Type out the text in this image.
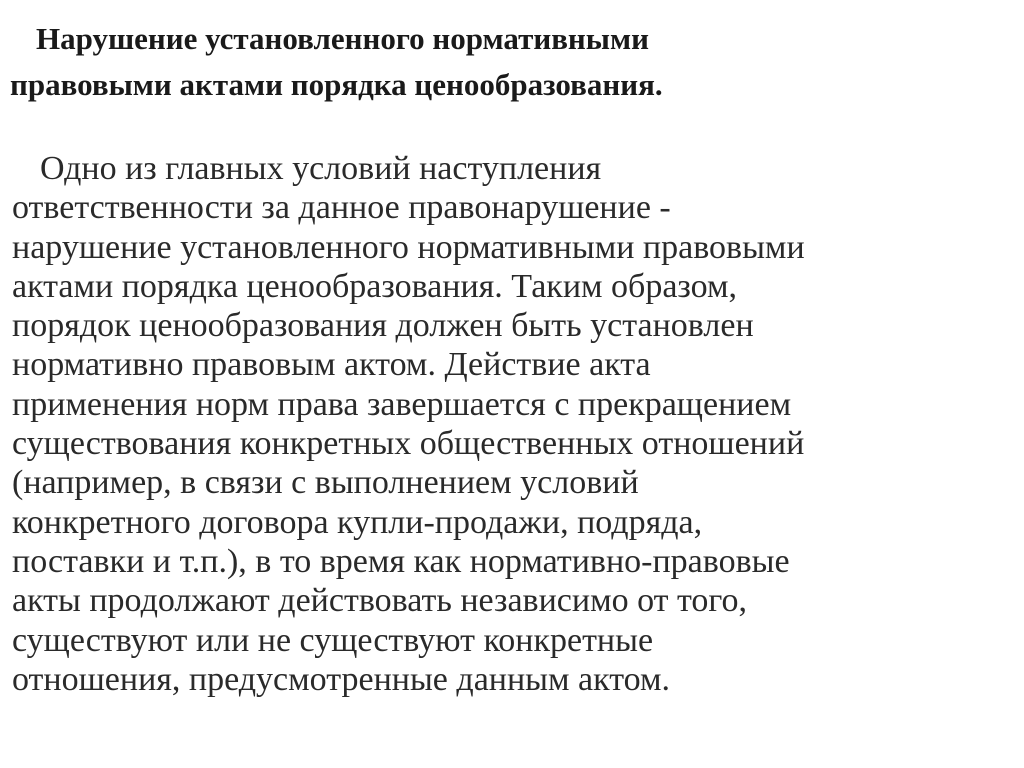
Нарушение установленного нормативными
правовыми актами порядка ценообразования.
Одно из главных условий наступления
ответственности за данное правонарушение -
нарушение установленного нормативными правовыми
актами порядка ценообразования. Таким образом,
порядок ценообразования должен быть установлен
нормативно правовым актом. Действие акта
применения норм права завершается с прекращением
существования конкретных общественных отношений
(например, в связи с выполнением условий
конкретного договора купли-продажи, подряда,
поставки и т.п.), в то время как нормативно-правовые
акты продолжают действовать независимо от того,
существуют или не существуют конкретные
отношения, предусмотренные данным актом.
